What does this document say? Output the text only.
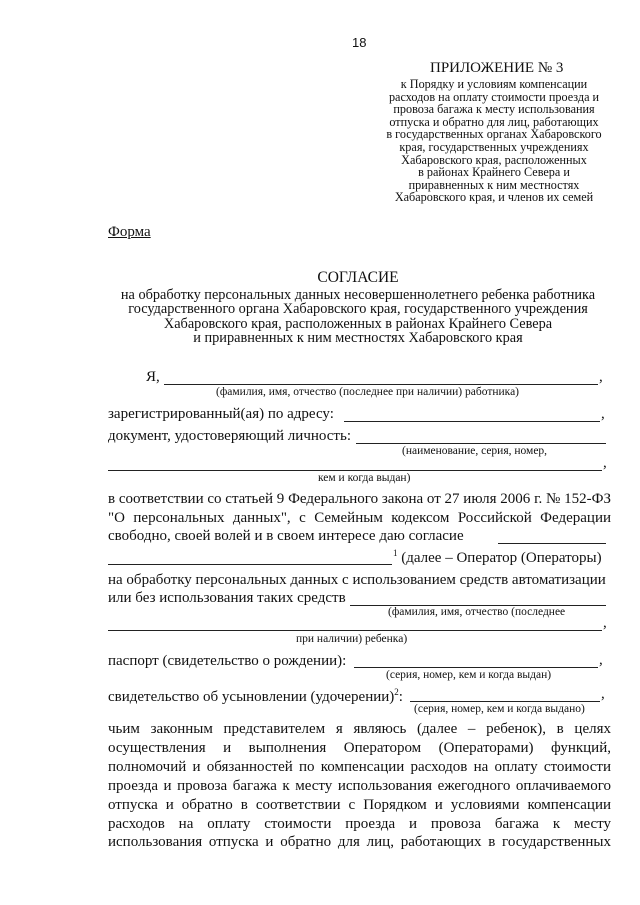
18
ПРИЛОЖЕНИЕ № 3
к Порядку и условиям компенсации
расходов на оплату стоимости проезда и
провоза багажа к месту использования
отпуска и обратно для лиц, работающих
в государственных органах Хабаровского
края, государственных учреждениях
Хабаровского края, расположенных
в районах Крайнего Севера и
приравненных к ним местностях
Хабаровского края, и членов их семей
Форма
СОГЛАСИЕ
на обработку персональных данных несовершеннолетнего ребенка работника
государственного органа Хабаровского края, государственного учреждения
Хабаровского края, расположенных в районах Крайнего Севера
и приравненных к ним местностях Хабаровского края
Я,	,
(фамилия, имя, отчество (последнее при наличии) работника)
зарегистрированный(ая) по адресу:	,
документ, удостоверяющий личность:
(наименование, серия, номер,
,
кем и когда выдан)
в соответствии со статьей 9 Федерального закона от 27 июля 2006 г. № 152-ФЗ
"О персональных данных", с Семейным кодексом Российской Федерации
свободно, своей волей и в своем интересе даю согласие
$^1$ (далее – Оператор (Операторы)
на обработку персональных данных с использованием средств автоматизации
или без использования таких средств
(фамилия, имя, отчество (последнее
,
при наличии) ребенка)
паспорт (свидетельство о рождении):	,
(серия, номер, кем и когда выдан)
свидетельство об усыновлении (удочерении)$^2$:	,
(серия, номер, кем и когда выдано)
чьим законным представителем я являюсь (далее – ребенок), в целях
осуществления и выполнения Оператором (Операторами) функций,
полномочий и обязанностей по компенсации расходов на оплату стоимости
проезда и провоза багажа к месту использования ежегодного оплачиваемого
отпуска и обратно в соответствии с Порядком и условиями компенсации
расходов на оплату стоимости проезда и провоза багажа к месту
использования отпуска и обратно для лиц, работающих в государственных
